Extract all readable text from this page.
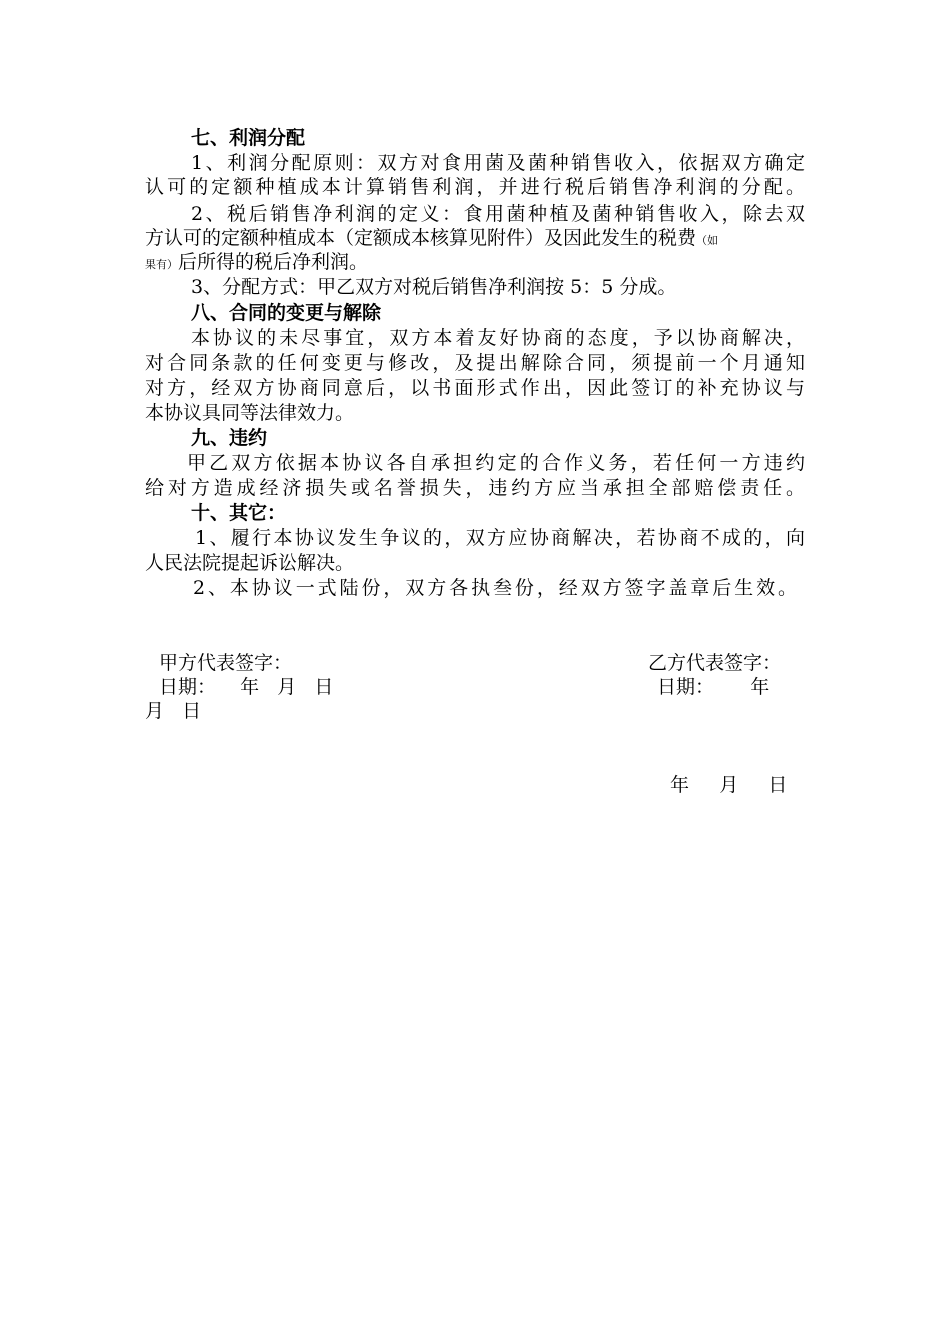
七、利润分配
1、利润分配原则：双方对食用菌及菌种销售收入，依据双方确定
认可的定额种植成本计算销售利润，并进行税后销售净利润的分配。
2、税后销售净利润的定义：食用菌种植及菌种销售收入，除去双
方认可的定额种植成本（定额成本核算见附件）及因此发生的税费（如
果有）后所得的税后净利润。
3、分配方式：甲乙双方对税后销售净利润按 5：5 分成。
八、合同的变更与解除
本协议的未尽事宜，双方本着友好协商的态度，予以协商解决，
对合同条款的任何变更与修改，及提出解除合同，须提前一个月通知
对方，经双方协商同意后，以书面形式作出，因此签订的补充协议与
本协议具同等法律效力。
九、违约
甲乙双方依据本协议各自承担约定的合作义务，若任何一方违约
给对方造成经济损失或名誉损失，违约方应当承担全部赔偿责任。
十、其它：
1、履行本协议发生争议的，双方应协商解决，若协商不成的，向
人民法院提起诉讼解决。
2、本协议一式陆份，双方各执叁份，经双方签字盖章后生效。
甲方代表签字：	乙方代表签字：
日期：    年   月   日	日期：      年
月   日
年     月     日
